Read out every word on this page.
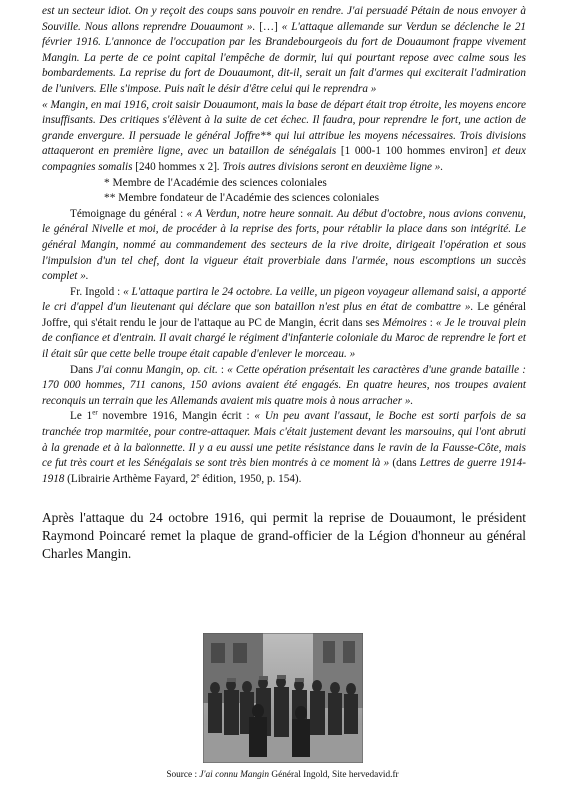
est un secteur idiot. On y reçoit des coups sans pouvoir en rendre. J'ai persuadé Pétain de nous envoyer à Souville. Nous allons reprendre Douaumont ». […] « L'attaque allemande sur Verdun se déclenche le 21 février 1916. L'annonce de l'occupation par les Brandebourgeois du fort de Douaumont frappe vivement Mangin. La perte de ce point capital l'empêche de dormir, lui qui pourtant repose avec calme sous les bombardements. La reprise du fort de Douaumont, dit-il, serait un fait d'armes qui exciterait l'admiration de l'univers. Elle s'impose. Puis naît le désir d'être celui qui le reprendra »

« Mangin, en mai 1916, croit saisir Douaumont, mais la base de départ était trop étroite, les moyens encore insuffisants. Des critiques s'élèvent à la suite de cet échec. Il faudra, pour reprendre le fort, une action de grande envergure. Il persuade le général Joffre** qui lui attribue les moyens nécessaires. Trois divisions attaqueront en première ligne, avec un bataillon de sénégalais [1 000-1 100 hommes environ] et deux compagnies somalis [240 hommes x 2]. Trois autres divisions seront en deuxième ligne ».

* Membre de l'Académie des sciences coloniales

** Membre fondateur de l'Académie des sciences coloniales

Témoignage du général : « A Verdun, notre heure sonnait. Au début d'octobre, nous avions convenu, le général Nivelle et moi, de procéder à la reprise des forts, pour rétablir la place dans son intégrité. Le général Mangin, nommé au commandement des secteurs de la rive droite, dirigeait l'opération et sous l'impulsion d'un tel chef, dont la vigueur était proverbiale dans l'armée, nous escomptions un succès complet ».

Fr. Ingold : « L'attaque partira le 24 octobre. La veille, un pigeon voyageur allemand saisi, a apporté le cri d'appel d'un lieutenant qui déclare que son bataillon n'est plus en état de combattre ». Le général Joffre, qui s'était rendu le jour de l'attaque au PC de Mangin, écrit dans ses Mémoires : « Je le trouvai plein de confiance et d'entrain. Il avait chargé le régiment d'infanterie coloniale du Maroc de reprendre le fort et il était sûr que cette belle troupe était capable d'enlever le morceau. »

Dans J'ai connu Mangin, op. cit. : « Cette opération présentait les caractères d'une grande bataille : 170 000 hommes, 711 canons, 150 avions avaient été engagés. En quatre heures, nos troupes avaient reconquis un terrain que les Allemands avaient mis quatre mois à nous arracher ».

Le 1er novembre 1916, Mangin écrit : « Un peu avant l'assaut, le Boche est sorti parfois de sa tranchée trop marmitée, pour contre-attaquer. Mais c'était justement devant les marsouins, qui l'ont abruti à la grenade et à la baïonnette. Il y a eu aussi une petite résistance dans le ravin de la Fausse-Côte, mais ce fut très court et les Sénégalais se sont très bien montrés à ce moment là » (dans Lettres de guerre 1914-1918 (Librairie Arthème Fayard, 2e édition, 1950, p. 154).

Après l'attaque du 24 octobre 1916, qui permit la reprise de Douaumont, le président Raymond Poincaré remet la plaque de grand-officier de la Légion d'honneur au général Charles Mangin.

Source : J'ai connu Mangin Général Ingold, Site hervedavid.fr
